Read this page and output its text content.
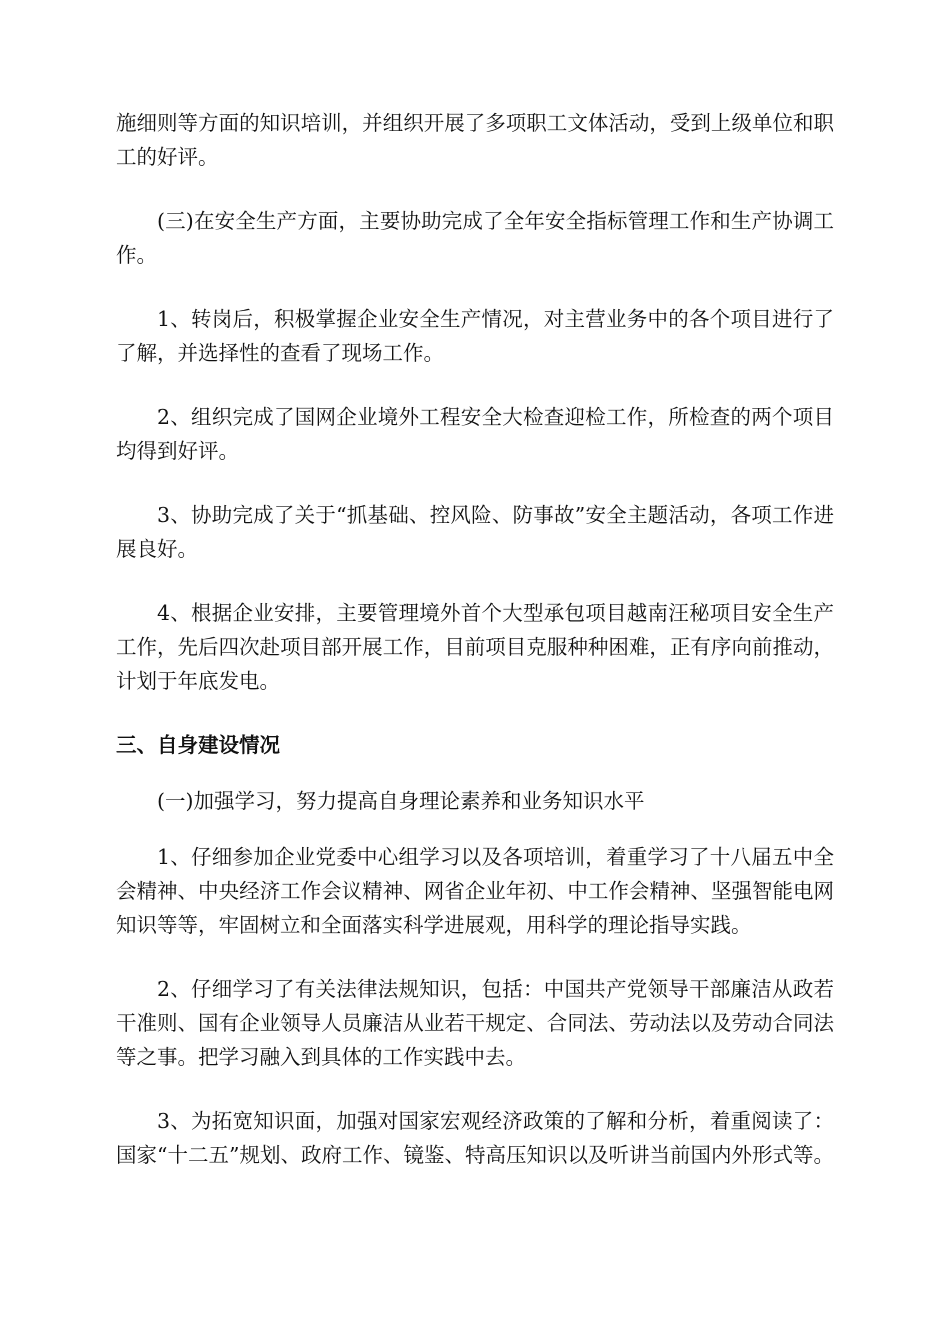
施细则等方面的知识培训，并组织开展了多项职工文体活动，受到上级单位和职工的好评。

(三)在安全生产方面，主要协助完成了全年安全指标管理工作和生产协调工作。

1、转岗后，积极掌握企业安全生产情况，对主营业务中的各个项目进行了了解，并选择性的查看了现场工作。

2、组织完成了国网企业境外工程安全大检查迎检工作，所检查的两个项目均得到好评。

3、协助完成了关于“抓基础、控风险、防事故”安全主题活动，各项工作进展良好。

4、根据企业安排，主要管理境外首个大型承包项目越南汪秘项目安全生产工作，先后四次赴项目部开展工作，目前项目克服种种困难，正有序向前推动，计划于年底发电。

三、自身建设情况

(一)加强学习，努力提高自身理论素养和业务知识水平

1、仔细参加企业党委中心组学习以及各项培训，着重学习了十八届五中全会精神、中央经济工作会议精神、网省企业年初、中工作会精神、坚强智能电网知识等等，牢固树立和全面落实科学进展观，用科学的理论指导实践。

2、仔细学习了有关法律法规知识，包括：中国共产党领导干部廉洁从政若干准则、国有企业领导人员廉洁从业若干规定、合同法、劳动法以及劳动合同法等之事。把学习融入到具体的工作实践中去。

3、为拓宽知识面，加强对国家宏观经济政策的了解和分析，着重阅读了：国家“十二五”规划、政府工作、镜鉴、特高压知识以及听讲当前国内外形式等。
